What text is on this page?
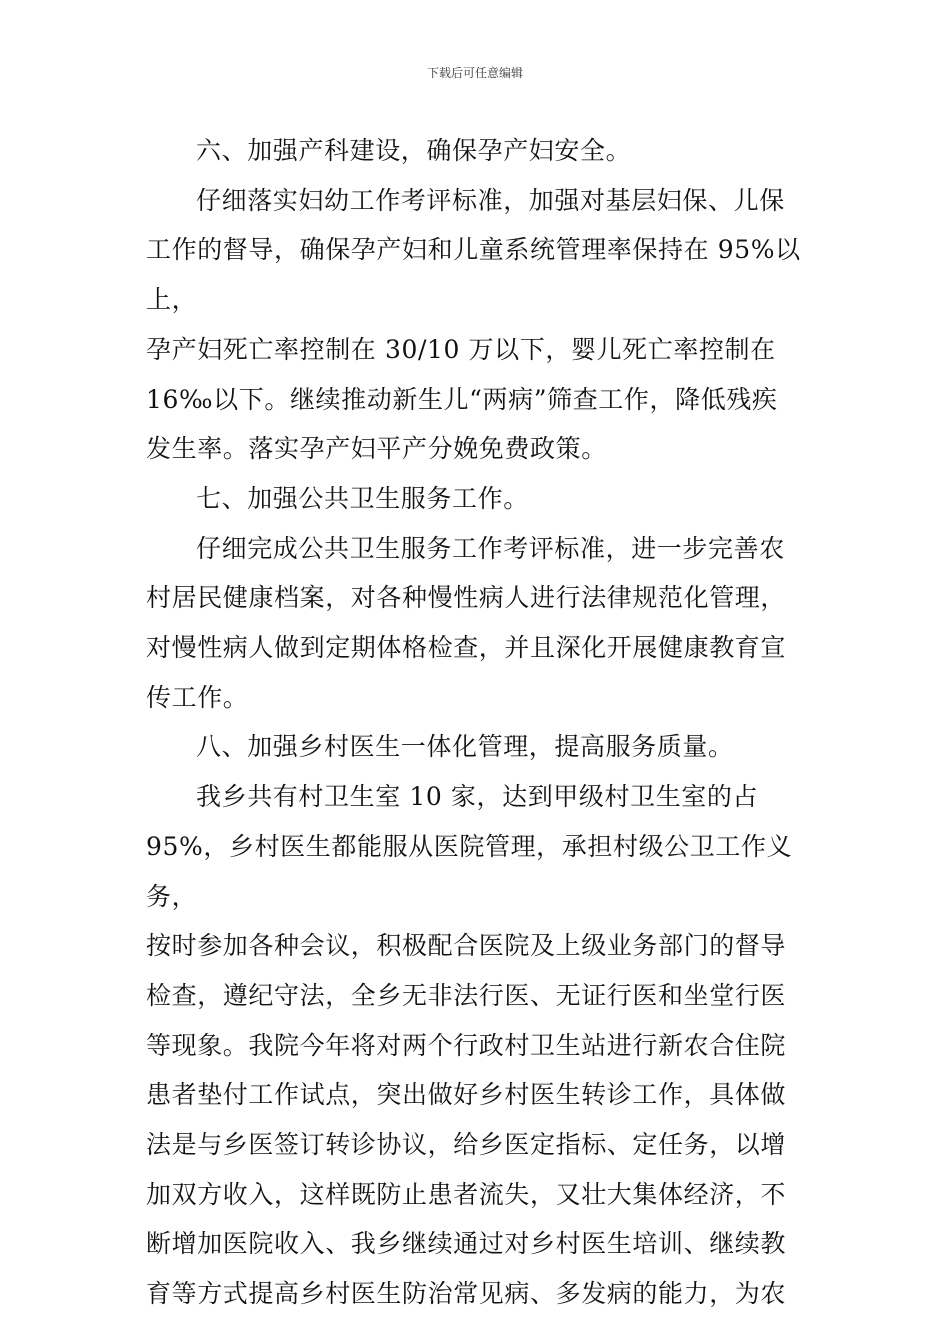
下载后可任意编辑

六、加强产科建设，确保孕产妇安全。

仔细落实妇幼工作考评标准，加强对基层妇保、儿保
工作的督导，确保孕产妇和儿童系统管理率保持在 95%以上，
孕产妇死亡率控制在 30/10 万以下，婴儿死亡率控制在
16‰以下。继续推动新生儿“两病”筛查工作，降低残疾
发生率。落实孕产妇平产分娩免费政策。

七、加强公共卫生服务工作。

仔细完成公共卫生服务工作考评标准，进一步完善农
村居民健康档案，对各种慢性病人进行法律规范化管理，
对慢性病人做到定期体格检查，并且深化开展健康教育宣
传工作。

八、加强乡村医生一体化管理，提高服务质量。

我乡共有村卫生室 10 家，达到甲级村卫生室的占
95%，乡村医生都能服从医院管理，承担村级公卫工作义务，
按时参加各种会议，积极配合医院及上级业务部门的督导
检查，遵纪守法，全乡无非法行医、无证行医和坐堂行医
等现象。我院今年将对两个行政村卫生站进行新农合住院
患者垫付工作试点，突出做好乡村医生转诊工作，具体做
法是与乡医签订转诊协议，给乡医定指标、定任务，以增
加双方收入，这样既防止患者流失，又壮大集体经济，不
断增加医院收入、我乡继续通过对乡村医生培训、继续教
育等方式提高乡村医生防治常见病、多发病的能力，为农
